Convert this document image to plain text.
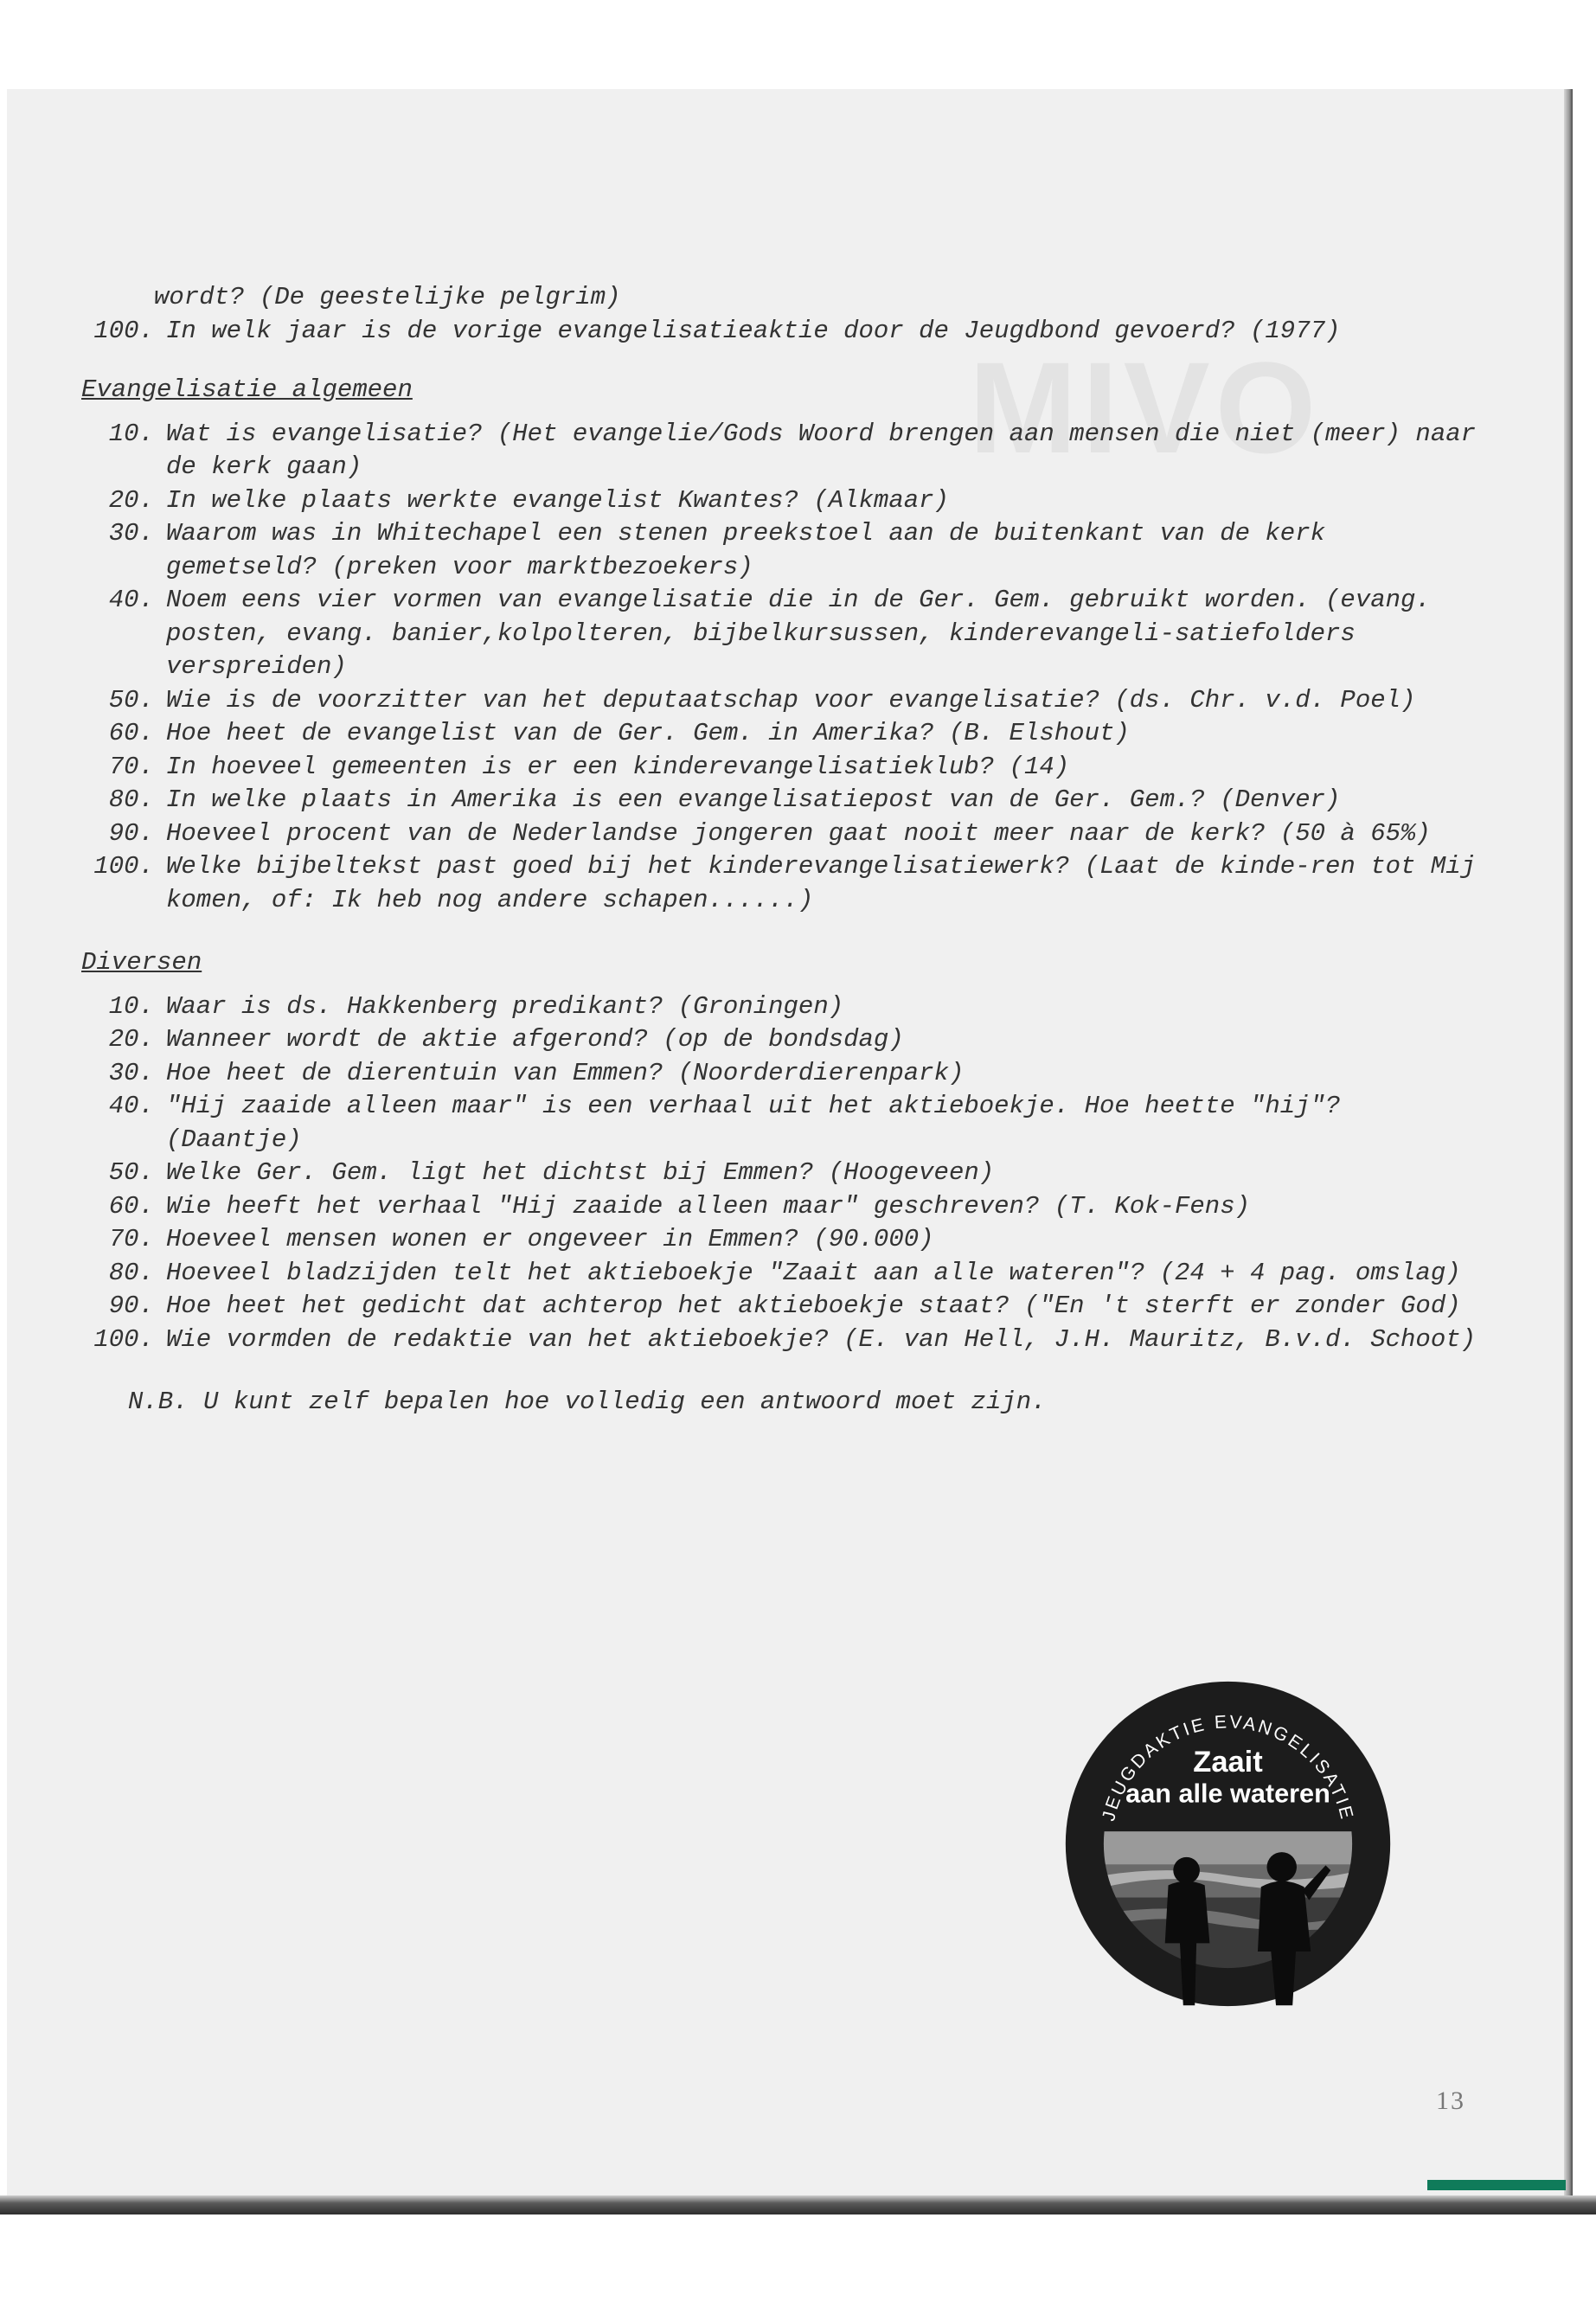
MIVO
wordt? (De geestelijke pelgrim)
100. In welk jaar is de vorige evangelisatieaktie door de Jeugdbond gevoerd? (1977)
Evangelisatie algemeen
10. Wat is evangelisatie? (Het evangelie/Gods Woord brengen aan mensen die niet (meer) naar de kerk gaan)
20. In welke plaats werkte evangelist Kwantes? (Alkmaar)
30. Waarom was in Whitechapel een stenen preekstoel aan de buitenkant van de kerk gemetseld? (preken voor marktbezoekers)
40. Noem eens vier vormen van evangelisatie die in de Ger. Gem. gebruikt worden. (evang. posten, evang. banier,kolpolteren, bijbelkursussen, kinderevangeli-satiefolders verspreiden)
50. Wie is de voorzitter van het deputaatschap voor evangelisatie? (ds. Chr. v.d. Poel)
60. Hoe heet de evangelist van de Ger. Gem. in Amerika? (B. Elshout)
70. In hoeveel gemeenten is er een kinderevangelisatieklub? (14)
80. In welke plaats in Amerika is een evangelisatiepost van de Ger. Gem.? (Denver)
90. Hoeveel procent van de Nederlandse jongeren gaat nooit meer naar de kerk? (50 à 65%)
100. Welke bijbeltekst past goed bij het kinderevangelisatiewerk? (Laat de kinde-ren tot Mij komen, of: Ik heb nog andere schapen......)
Diversen
10. Waar is ds. Hakkenberg predikant? (Groningen)
20. Wanneer wordt de aktie afgerond? (op de bondsdag)
30. Hoe heet de dierentuin van Emmen? (Noorderdierenpark)
40. "Hij zaaide alleen maar" is een verhaal uit het aktieboekje. Hoe heette "hij"? (Daantje)
50. Welke Ger. Gem. ligt het dichtst bij Emmen? (Hoogeveen)
60. Wie heeft het verhaal "Hij zaaide alleen maar" geschreven? (T. Kok-Fens)
70. Hoeveel mensen wonen er ongeveer in Emmen? (90.000)
80. Hoeveel bladzijden telt het aktieboekje "Zaait aan alle wateren"? (24 + 4 pag. omslag)
90. Hoe heet het gedicht dat achterop het aktieboekje staat? ("En 't sterft er zonder God)
100. Wie vormden de redaktie van het aktieboekje? (E. van Hell, J.H. Mauritz, B.v.d. Schoot)
N.B. U kunt zelf bepalen hoe volledig een antwoord moet zijn.
JEUGDAKTIE EVANGELISATIE
Zaait
aan alle wateren
13
